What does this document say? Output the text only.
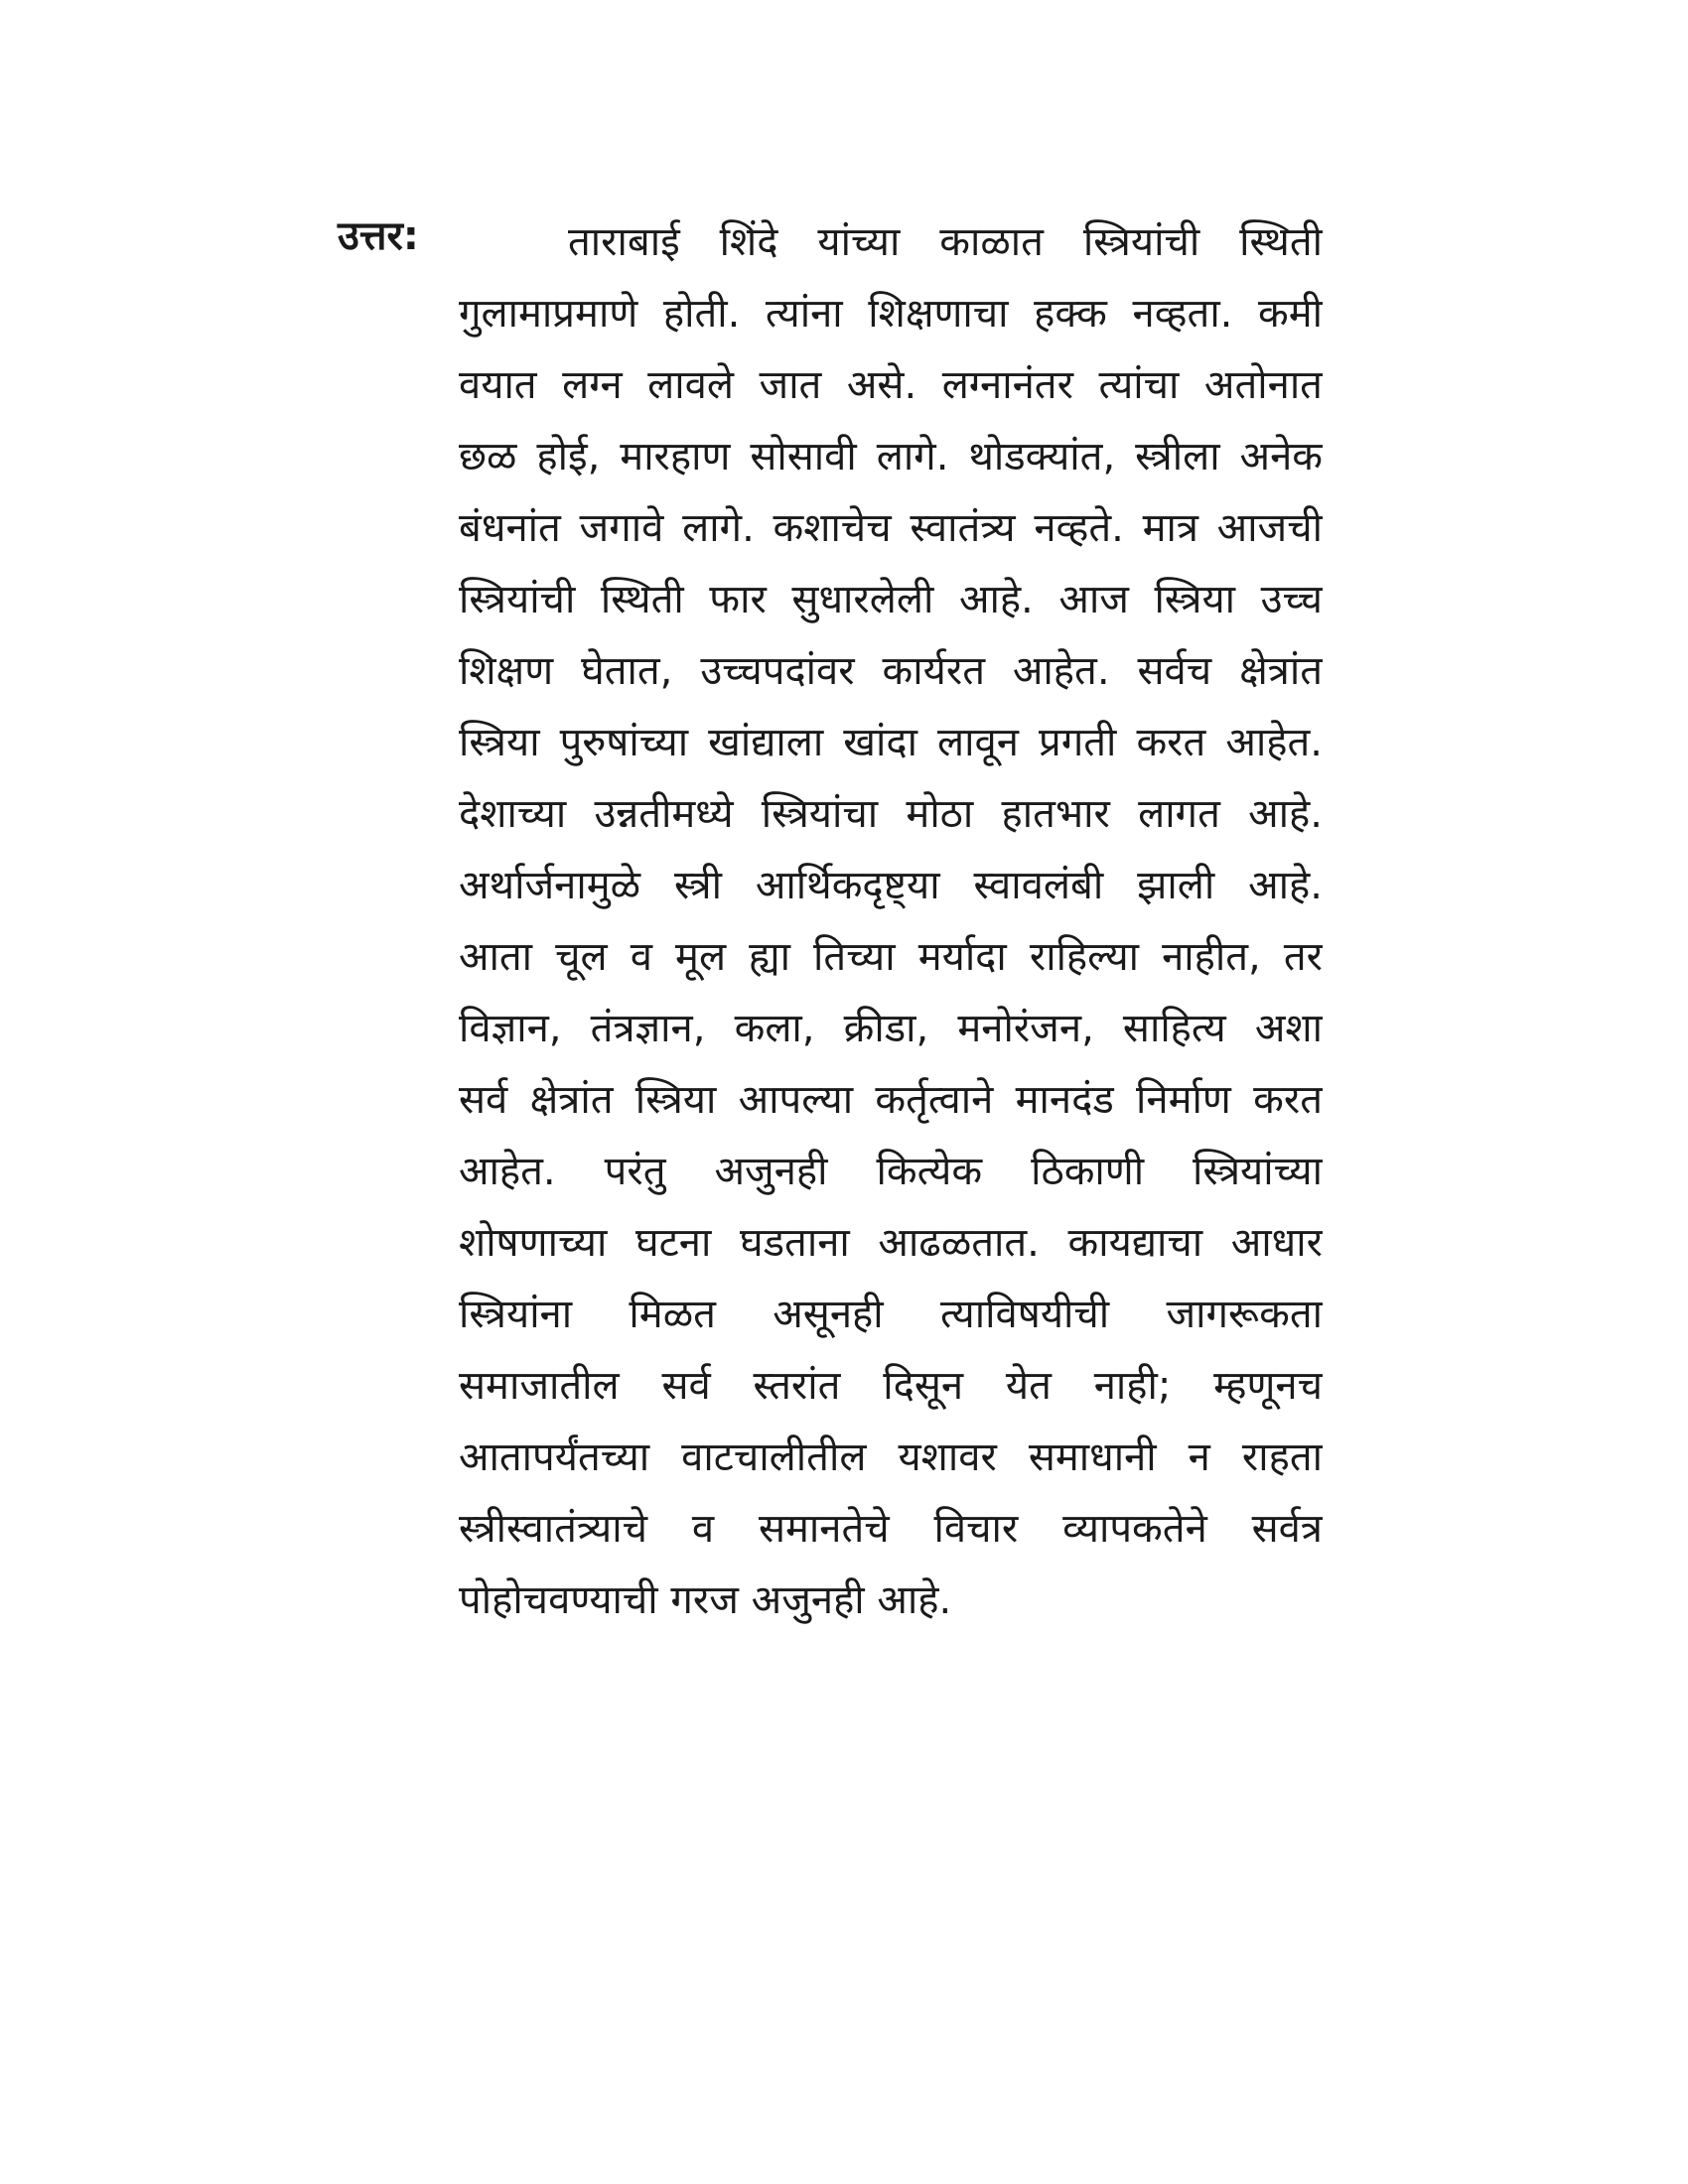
उत्तर:	ताराबाई शिंदे यांच्या काळात स्त्रियांची स्थिती
गुलामाप्रमाणे होती. त्यांना शिक्षणाचा हक्क नव्हता. कमी
वयात लग्न लावले जात असे. लग्नानंतर त्यांचा अतोनात
छळ होई, मारहाण सोसावी लागे. थोडक्यांत, स्त्रीला अनेक
बंधनांत जगावे लागे. कशाचेच स्वातंत्र्य नव्हते. मात्र आजची
स्त्रियांची स्थिती फार सुधारलेली आहे. आज स्त्रिया उच्च
शिक्षण घेतात, उच्चपदांवर कार्यरत आहेत. सर्वच क्षेत्रांत
स्त्रिया पुरुषांच्या खांद्याला खांदा लावून प्रगती करत आहेत.
देशाच्या उन्नतीमध्ये स्त्रियांचा मोठा हातभार लागत आहे.
अर्थार्जनामुळे स्त्री आर्थिकदृष्ट्या स्वावलंबी झाली आहे.
आता चूल व मूल ह्या तिच्या मर्यादा राहिल्या नाहीत, तर
विज्ञान, तंत्रज्ञान, कला, क्रीडा, मनोरंजन, साहित्य अशा
सर्व क्षेत्रांत स्त्रिया आपल्या कर्तृत्वाने मानदंड निर्माण करत
आहेत. परंतु अजुनही कित्येक ठिकाणी स्त्रियांच्या
शोषणाच्या घटना घडताना आढळतात. कायद्याचा आधार
स्त्रियांना मिळत असूनही त्याविषयीची जागरूकता
समाजातील सर्व स्तरांत दिसून येत नाही; म्हणूनच
आतापर्यंतच्या वाटचालीतील यशावर समाधानी न राहता
स्त्रीस्वातंत्र्याचे व समानतेचे विचार व्यापकतेने सर्वत्र
पोहोचवण्याची गरज अजुनही आहे.
